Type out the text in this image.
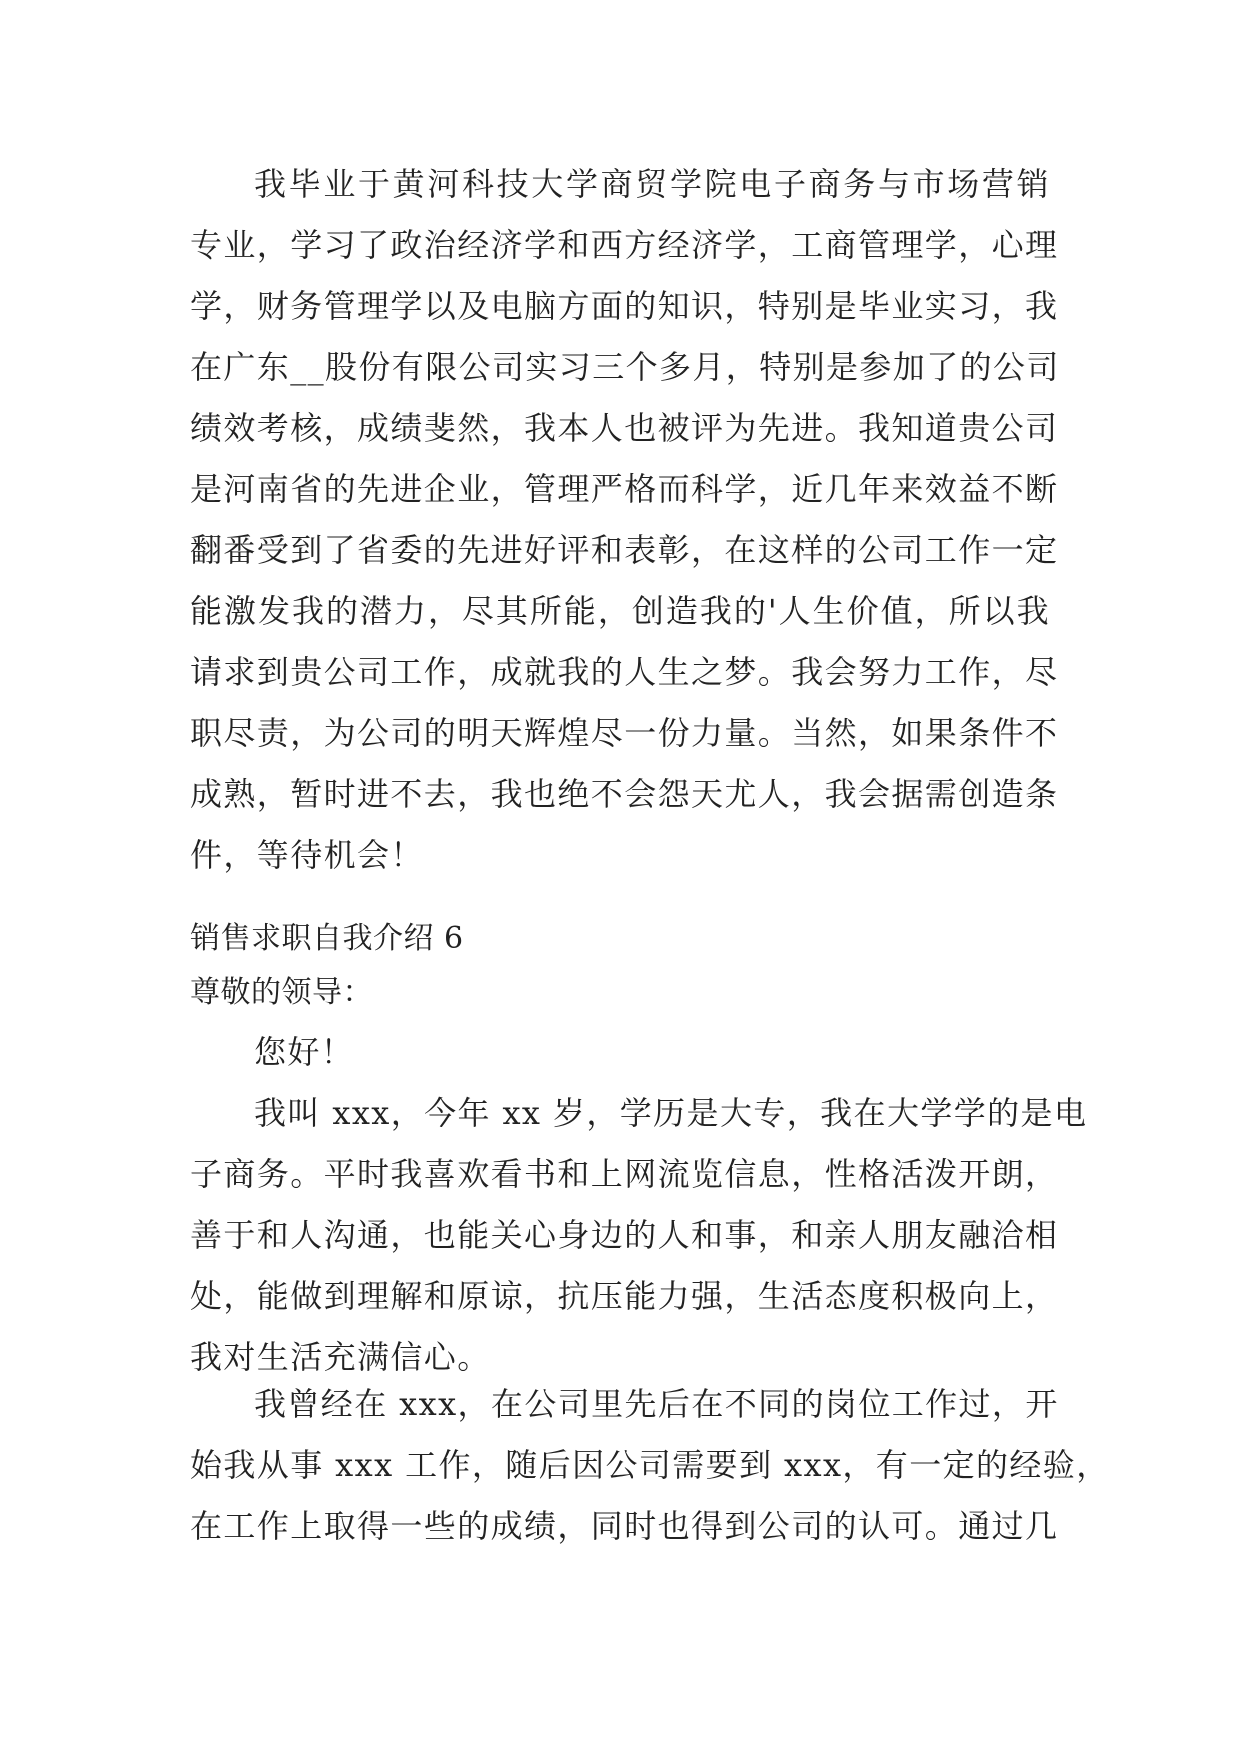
我毕业于黄河科技大学商贸学院电子商务与市场营销
专业，学习了政治经济学和西方经济学，工商管理学，心理
学，财务管理学以及电脑方面的知识，特别是毕业实习，我
在广东__股份有限公司实习三个多月，特别是参加了的公司
绩效考核，成绩斐然，我本人也被评为先进。我知道贵公司
是河南省的先进企业，管理严格而科学，近几年来效益不断
翻番受到了省委的先进好评和表彰，在这样的公司工作一定
能激发我的潜力，尽其所能，创造我的'人生价值，所以我
请求到贵公司工作，成就我的人生之梦。我会努力工作，尽
职尽责，为公司的明天辉煌尽一份力量。当然，如果条件不
成熟，暂时进不去，我也绝不会怨天尤人，我会据需创造条
件，等待机会！
销售求职自我介绍 6
尊敬的领导：
您好！
我叫 xxx，今年 xx 岁，学历是大专，我在大学学的是电
子商务。平时我喜欢看书和上网流览信息，性格活泼开朗，
善于和人沟通，也能关心身边的人和事，和亲人朋友融洽相
处，能做到理解和原谅，抗压能力强，生活态度积极向上，
我对生活充满信心。
我曾经在 xxx，在公司里先后在不同的岗位工作过，开
始我从事 xxx 工作，随后因公司需要到 xxx，有一定的经验，
在工作上取得一些的成绩，同时也得到公司的认可。通过几
